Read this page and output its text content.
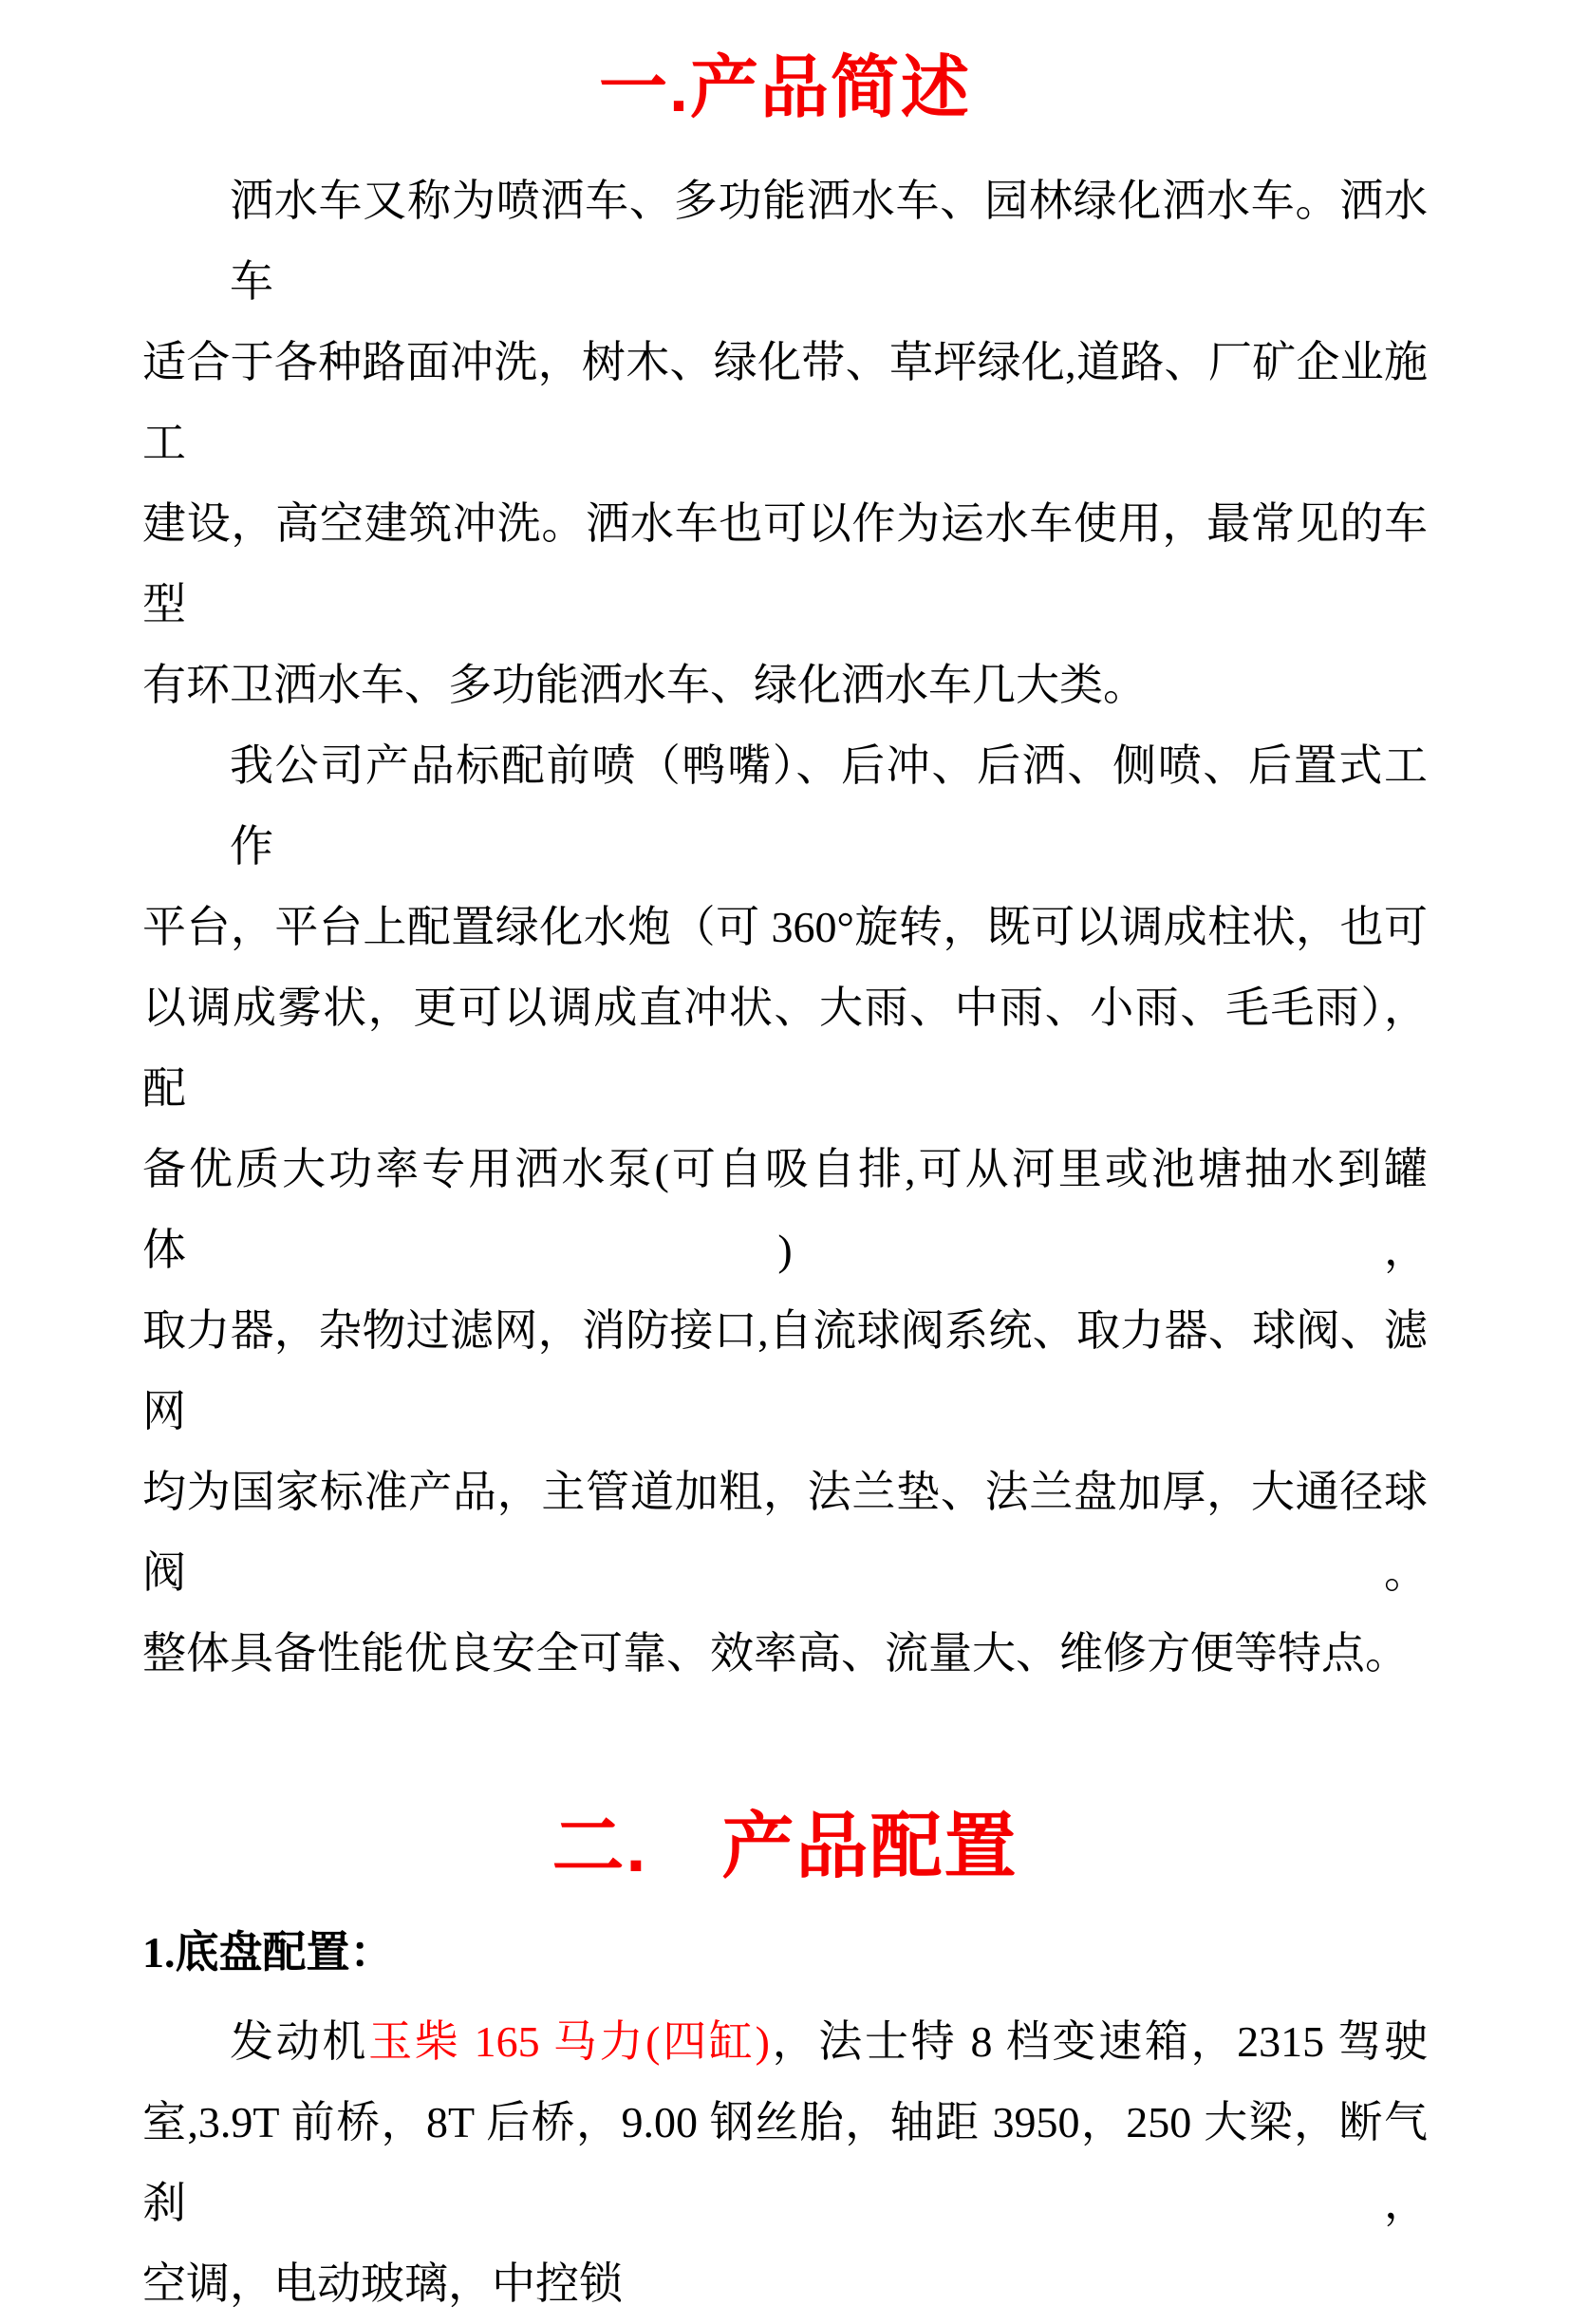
一.产品简述
洒水车又称为喷洒车、多功能洒水车、园林绿化洒水车。洒水车
适合于各种路面冲洗，树木、绿化带、草坪绿化,道路、厂矿企业施工
建设，高空建筑冲洗。洒水车也可以作为运水车使用，最常见的车型
有环卫洒水车、多功能洒水车、绿化洒水车几大类。
我公司产品标配前喷（鸭嘴）、后冲、后洒、侧喷、后置式工作
平台，平台上配置绿化水炮（可 360°旋转，既可以调成柱状，也可
以调成雾状，更可以调成直冲状、大雨、中雨、小雨、毛毛雨），配
备优质大功率专用洒水泵(可自吸自排,可从河里或池塘抽水到罐体)，
取力器，杂物过滤网，消防接口,自流球阀系统、取力器、球阀、滤网
均为国家标准产品，主管道加粗，法兰垫、法兰盘加厚，大通径球阀。
整体具备性能优良安全可靠、效率高、流量大、维修方便等特点。
二.　产品配置
1.底盘配置：
发动机玉柴 165 马力(四缸)，法士特 8 档变速箱，2315 驾驶
室,3.9T 前桥，8T 后桥，9.00 钢丝胎，轴距 3950，250 大梁，断气刹，
空调，电动玻璃，中控锁
